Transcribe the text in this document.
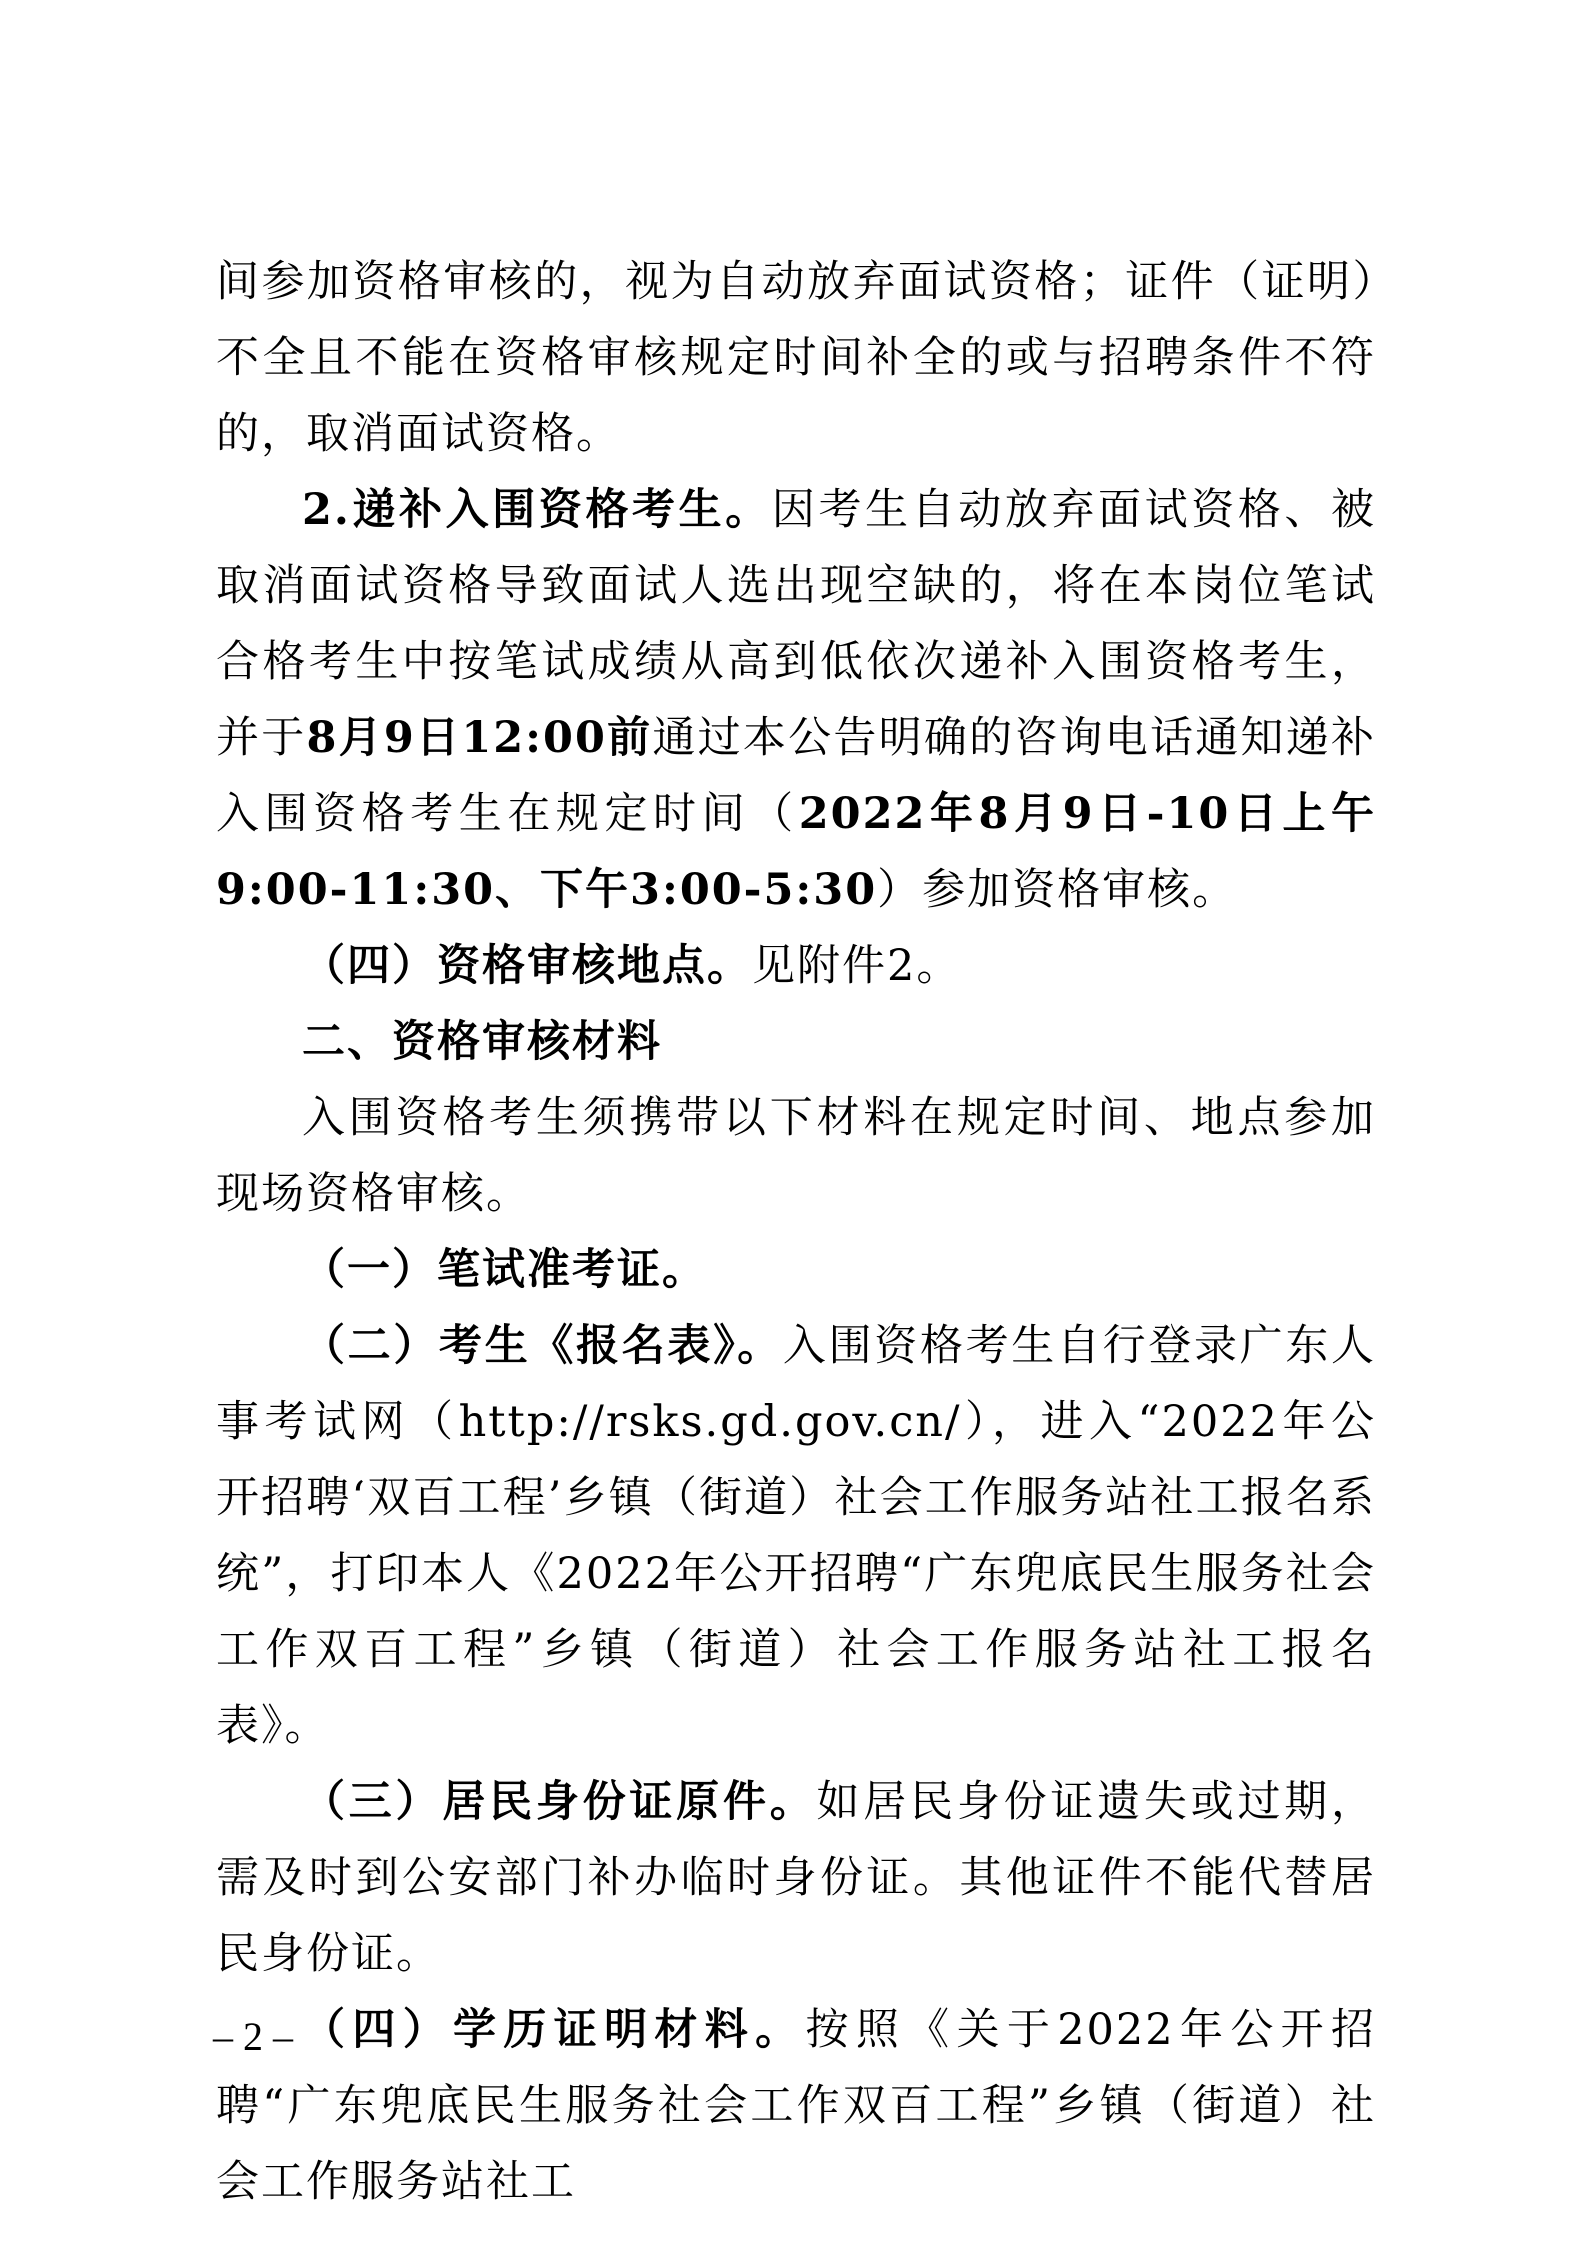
间参加资格审核的，视为自动放弃面试资格；证件（证明）不全且不能在资格审核规定时间补全的或与招聘条件不符的，取消面试资格。

2.递补入围资格考生。因考生自动放弃面试资格、被取消面试资格导致面试人选出现空缺的，将在本岗位笔试合格考生中按笔试成绩从高到低依次递补入围资格考生，并于8月9日12:00前通过本公告明确的咨询电话通知递补入围资格考生在规定时间（2022年8月9日-10日上午9:00-11:30、下午3:00-5:30）参加资格审核。

（四）资格审核地点。见附件2。

二、资格审核材料

入围资格考生须携带以下材料在规定时间、地点参加现场资格审核。

（一）笔试准考证。

（二）考生《报名表》。入围资格考生自行登录广东人事考试网（http://rsks.gd.gov.cn/），进入“2022年公开招聘‘双百工程’乡镇（街道）社会工作服务站社工报名系统”，打印本人《2022年公开招聘“广东兜底民生服务社会工作双百工程”乡镇（街道）社会工作服务站社工报名表》。

（三）居民身份证原件。如居民身份证遗失或过期，需及时到公安部门补办临时身份证。其他证件不能代替居民身份证。

（四）学历证明材料。按照《关于2022年公开招聘“广东兜底民生服务社会工作双百工程”乡镇（街道）社会工作服务站社工

– 2 –
